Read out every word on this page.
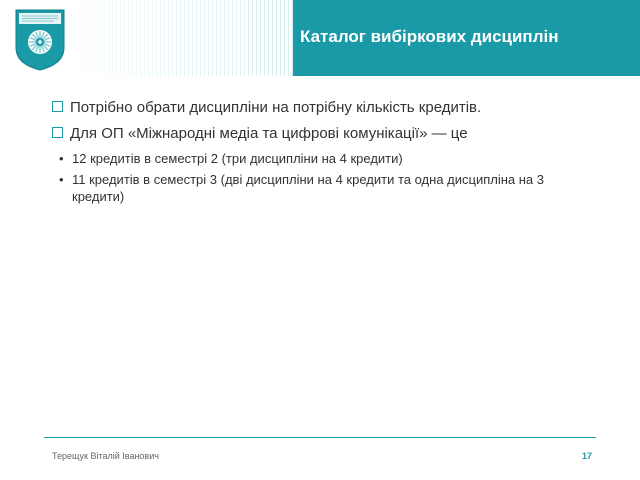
Каталог вибіркових дисциплін
Потрібно обрати дисципліни на потрібну кількість кредитів.
Для ОП «Міжнародні медіа та цифрові комунікації» — це
• 12 кредитів в семестрі 2 (три дисципліни на 4 кредити)
• 11 кредитів в семестрі 3 (дві дисципліни на 4 кредити та одна дисципліна на 3 кредити)
Терещук Віталій Іванович	17
